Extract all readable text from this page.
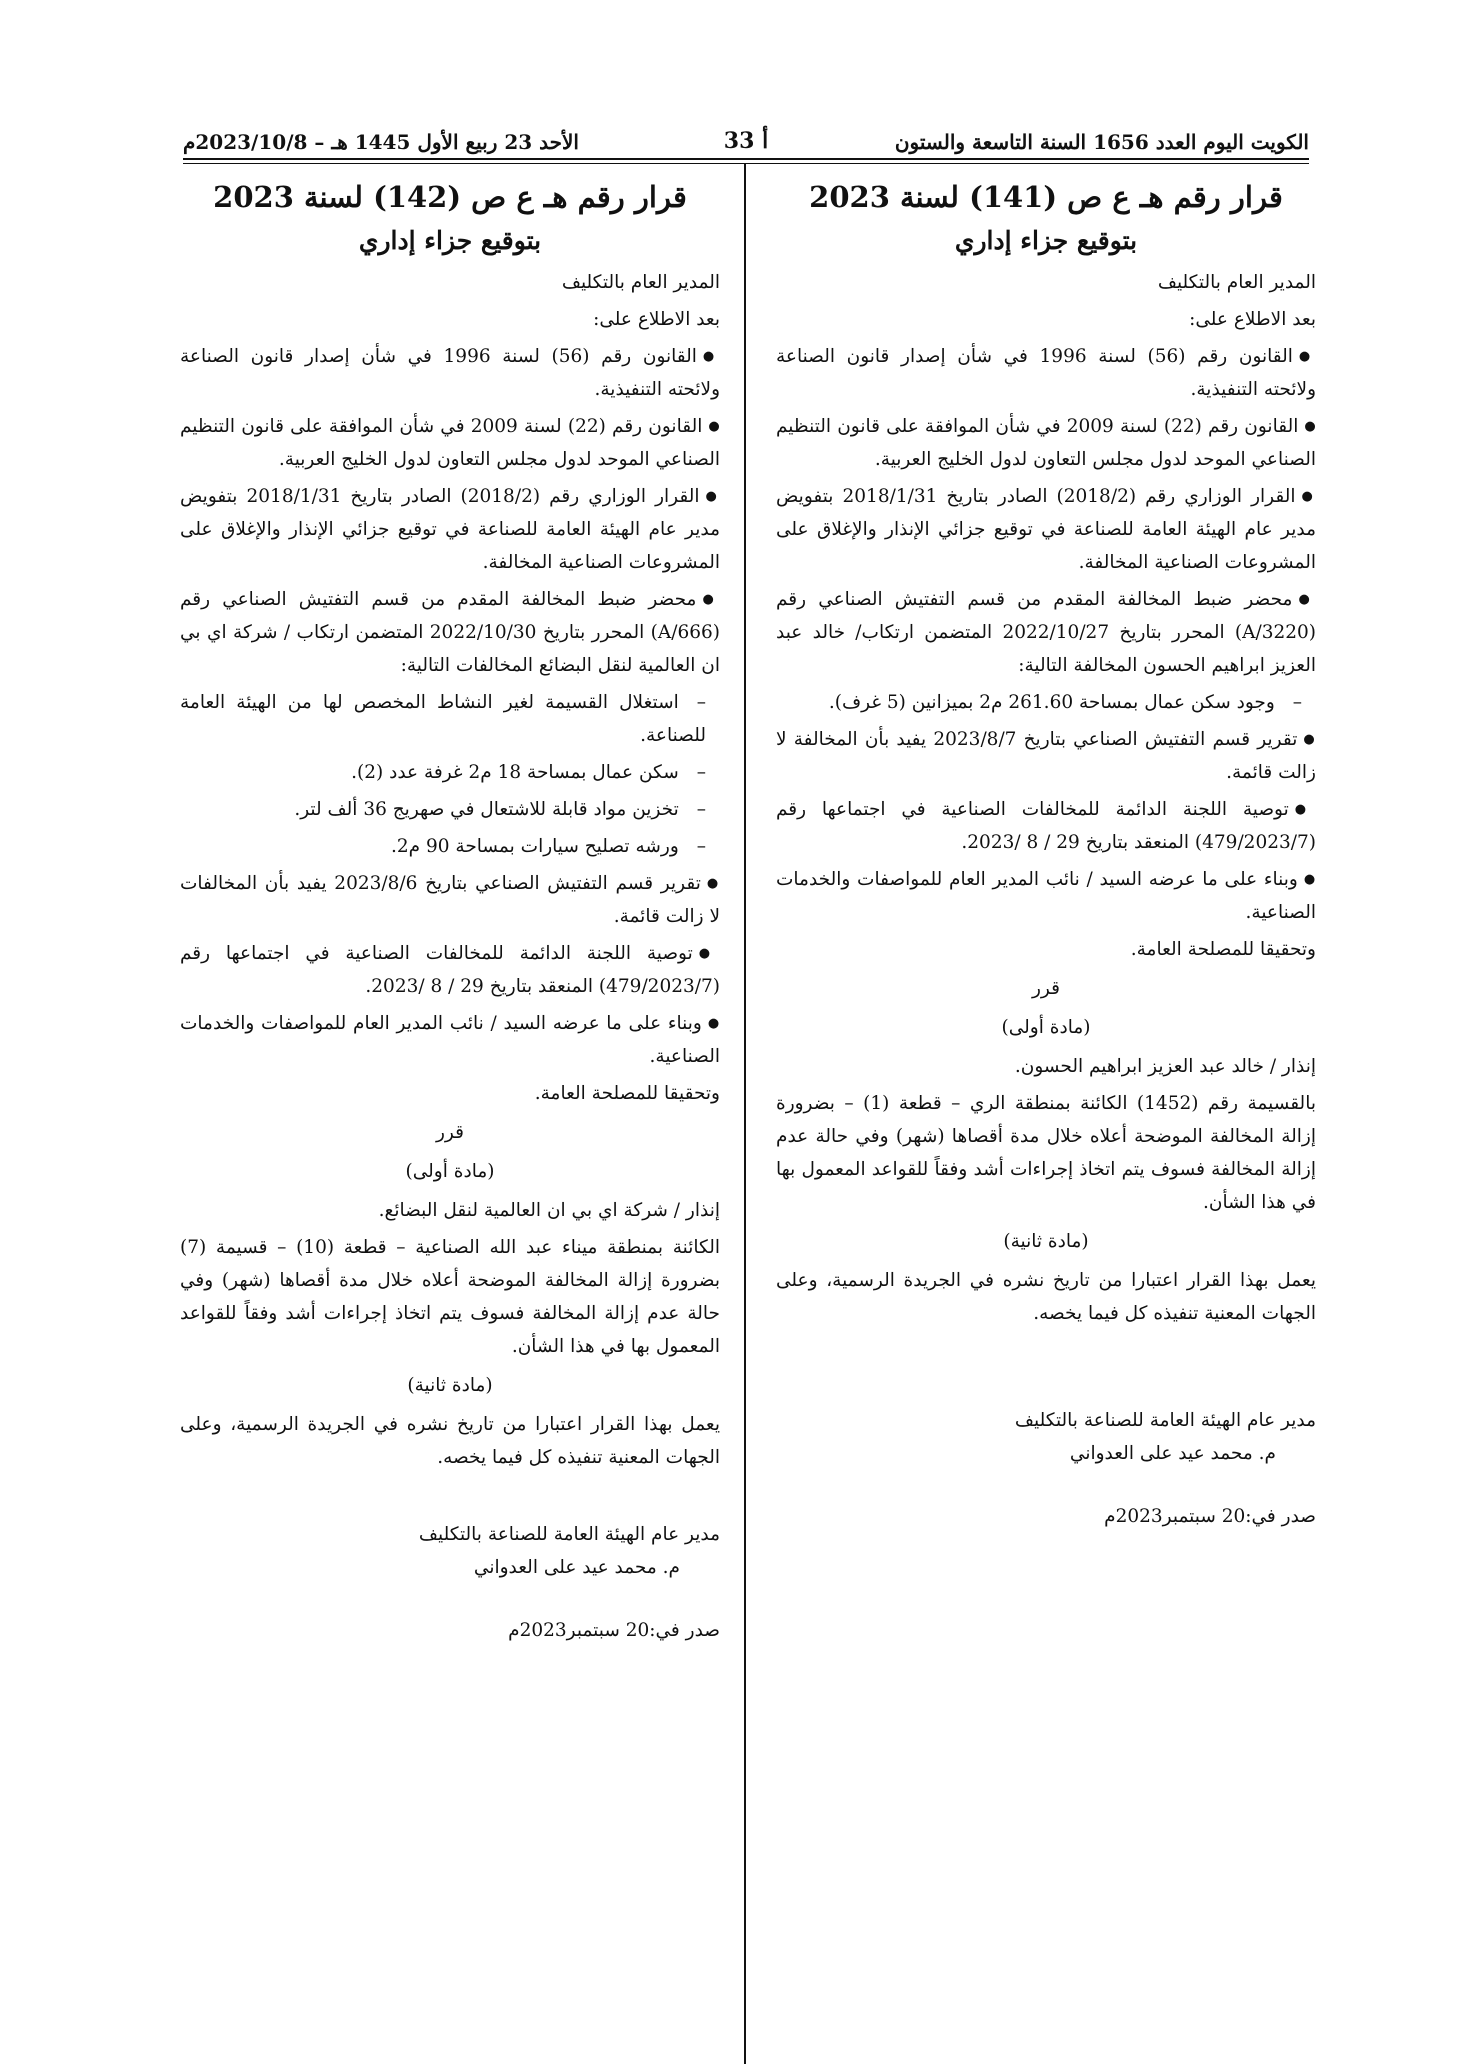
الكويت اليوم العدد 1656 السنة التاسعة والستون
أ 33
الأحد 23 ربيع الأول 1445 هـ – 2023/10/8م

قرار رقم هـ ع ص (141) لسنة 2023

بتوقيع جزاء إداري

المدير العام بالتكليف

بعد الاطلاع على:

● القانون رقم (56) لسنة 1996 في شأن إصدار قانون الصناعة ولائحته التنفيذية.

● القانون رقم (22) لسنة 2009 في شأن الموافقة على قانون التنظيم الصناعي الموحد لدول مجلس التعاون لدول الخليج العربية.

● القرار الوزاري رقم (2018/2) الصادر بتاريخ 2018/1/31 بتفويض مدير عام الهيئة العامة للصناعة في توقيع جزائي الإنذار والإغلاق على المشروعات الصناعية المخالفة.

● محضر ضبط المخالفة المقدم من قسم التفتيش الصناعي رقم (A/3220) المحرر بتاريخ 2022/10/27 المتضمن ارتكاب/ خالد عبد العزيز ابراهيم الحسون المخالفة التالية:

– وجود سكن عمال بمساحة 261.60 م2 بميزانين (5 غرف).

● تقرير قسم التفتيش الصناعي بتاريخ 2023/8/7 يفيد بأن المخالفة لا زالت قائمة.

● توصية اللجنة الدائمة للمخالفات الصناعية في اجتماعها رقم (479/2023/7) المنعقد بتاريخ 29 / 8 /2023.

● وبناء على ما عرضه السيد / نائب المدير العام للمواصفات والخدمات الصناعية.

وتحقيقا للمصلحة العامة.

قرر

(مادة أولى)

إنذار / خالد عبد العزيز ابراهيم الحسون.

بالقسيمة رقم (1452) الكائنة بمنطقة الري – قطعة (1) – بضرورة إزالة المخالفة الموضحة أعلاه خلال مدة أقصاها (شهر) وفي حالة عدم إزالة المخالفة فسوف يتم اتخاذ إجراءات أشد وفقاً للقواعد المعمول بها في هذا الشأن.

(مادة ثانية)

يعمل بهذا القرار اعتبارا من تاريخ نشره في الجريدة الرسمية، وعلى الجهات المعنية تنفيذه كل فيما يخصه.

مدير عام الهيئة العامة للصناعة بالتكليف

م. محمد عيد على العدواني

صدر في:20 سبتمبر2023م

قرار رقم هـ ع ص (142) لسنة 2023

بتوقيع جزاء إداري

المدير العام بالتكليف

بعد الاطلاع على:

● القانون رقم (56) لسنة 1996 في شأن إصدار قانون الصناعة ولائحته التنفيذية.

● القانون رقم (22) لسنة 2009 في شأن الموافقة على قانون التنظيم الصناعي الموحد لدول مجلس التعاون لدول الخليج العربية.

● القرار الوزاري رقم (2018/2) الصادر بتاريخ 2018/1/31 بتفويض مدير عام الهيئة العامة للصناعة في توقيع جزائي الإنذار والإغلاق على المشروعات الصناعية المخالفة.

● محضر ضبط المخالفة المقدم من قسم التفتيش الصناعي رقم (A/666) المحرر بتاريخ 2022/10/30 المتضمن ارتكاب / شركة اي بي ان العالمية لنقل البضائع المخالفات التالية:

– استغلال القسيمة لغير النشاط المخصص لها من الهيئة العامة للصناعة.

– سكن عمال بمساحة 18 م2 غرفة عدد (2).

– تخزين مواد قابلة للاشتعال في صهريج 36 ألف لتر.

– ورشه تصليح سيارات بمساحة 90 م2.

● تقرير قسم التفتيش الصناعي بتاريخ 2023/8/6 يفيد بأن المخالفات لا زالت قائمة.

● توصية اللجنة الدائمة للمخالفات الصناعية في اجتماعها رقم (479/2023/7) المنعقد بتاريخ 29 / 8 /2023.

● وبناء على ما عرضه السيد / نائب المدير العام للمواصفات والخدمات الصناعية.

وتحقيقا للمصلحة العامة.

قرر

(مادة أولى)

إنذار / شركة اي بي ان العالمية لنقل البضائع.

الكائنة بمنطقة ميناء عبد الله الصناعية – قطعة (10) – قسيمة (7) بضرورة إزالة المخالفة الموضحة أعلاه خلال مدة أقصاها (شهر) وفي حالة عدم إزالة المخالفة فسوف يتم اتخاذ إجراءات أشد وفقاً للقواعد المعمول بها في هذا الشأن.

(مادة ثانية)

يعمل بهذا القرار اعتبارا من تاريخ نشره في الجريدة الرسمية، وعلى الجهات المعنية تنفيذه كل فيما يخصه.

مدير عام الهيئة العامة للصناعة بالتكليف

م. محمد عيد على العدواني

صدر في:20 سبتمبر2023م
